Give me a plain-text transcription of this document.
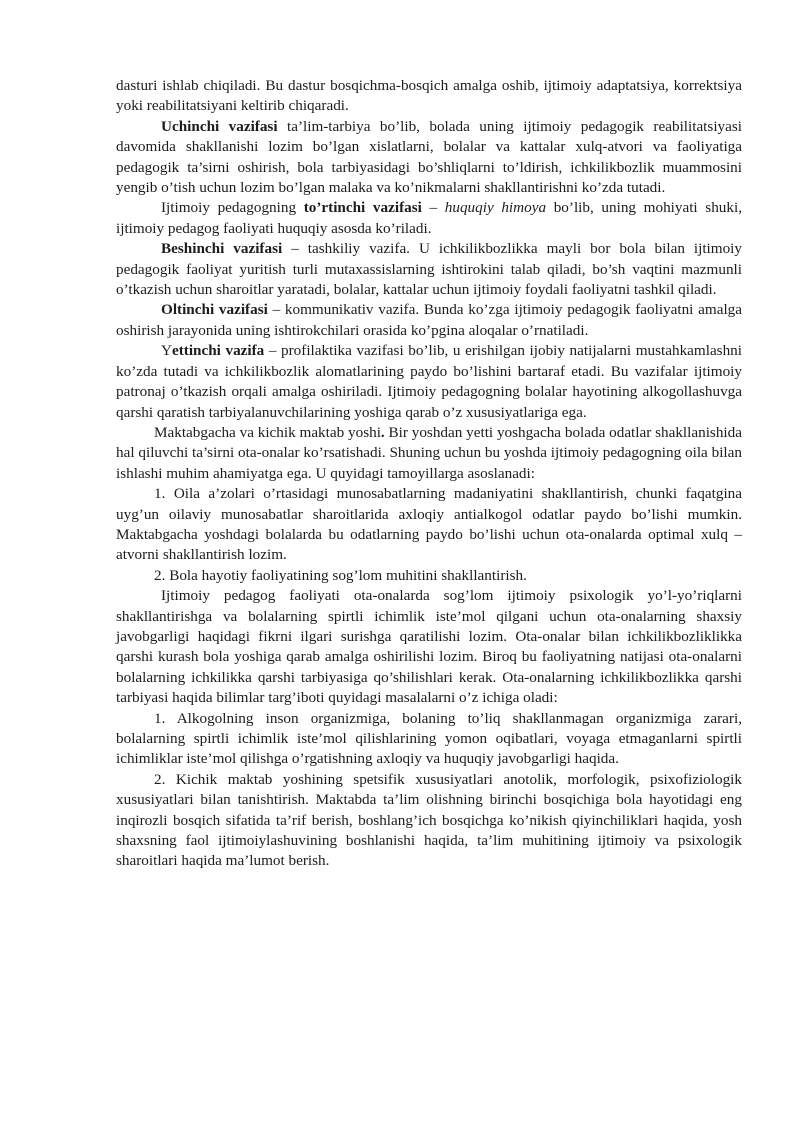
dasturi ishlab chiqiladi. Bu dastur bosqichma-bosqich amalga oshib, ijtimoiy adaptatsiya, korrektsiya yoki reabilitatsiyani keltirib chiqaradi.

Uchinchi vazifasi ta’lim-tarbiya bo’lib, bolada uning ijtimoiy pedagogik reabilitatsiyasi davomida shakllanishi lozim bo’lgan xislatlarni, bolalar va kattalar xulq-atvori va faoliyatiga pedagogik ta’sirni oshirish, bola tarbiyasidagi bo’shliqlarni to’ldirish, ichkilikbozlik muammosini yengib o’tish uchun lozim bo’lgan malaka va ko’nikmalarni shakllantirishni ko’zda tutadi.

Ijtimoiy pedagogning to’rtinchi vazifasi – huquqiy himoya bo’lib, uning mohiyati shuki, ijtimoiy pedagog faoliyati huquqiy asosda ko’riladi.

Beshinchi vazifasi – tashkiliy vazifa. U ichkilikbozlikka mayli bor bola bilan ijtimoiy pedagogik faoliyat yuritish turli mutaxassislarning ishtirokini talab qiladi, bo’sh vaqtini mazmunli o’tkazish uchun sharoitlar yaratadi, bolalar, kattalar uchun ijtimoiy foydali faoliyatni tashkil qiladi.

Oltinchi vazifasi – kommunikativ vazifa. Bunda ko’zga ijtimoiy pedagogik faoliyatni amalga oshirish jarayonida uning ishtirokchilari orasida ko’pgina aloqalar o’rnatiladi.

Yettinchi vazifa – profilaktika vazifasi bo’lib, u erishilgan ijobiy natijalarni mustahkamlashni ko’zda tutadi va ichkilikbozlik alomatlarining paydo bo’lishini bartaraf etadi. Bu vazifalar ijtimoiy patronaj o’tkazish orqali amalga oshiriladi. Ijtimoiy pedagogning bolalar hayotining alkogollashuvga qarshi qaratish tarbiyalanuvchilarining yoshiga qarab o’z xususiyatlariga ega.

Maktabgacha va kichik maktab yoshi. Bir yoshdan yetti yoshgacha bolada odatlar shakllanishida hal qiluvchi ta’sirni ota-onalar ko’rsatishadi. Shuning uchun bu yoshda ijtimoiy pedagogning oila bilan ishlashi muhim ahamiyatga ega. U quyidagi tamoyillarga asoslanadi:

1. Oila a’zolari o’rtasidagi munosabatlarning madaniyatini shakllantirish, chunki faqatgina uyg’un oilaviy munosabatlar sharoitlarida axloqiy antialkogol odatlar paydo bo’lishi mumkin. Maktabgacha yoshdagi bolalarda bu odatlarning paydo bo’lishi uchun ota-onalarda optimal xulq – atvorni shakllantirish lozim.

2. Bola hayotiy faoliyatining sog’lom muhitini shakllantirish.

Ijtimoiy pedagog faoliyati ota-onalarda sog’lom ijtimoiy psixologik yo’l-yo’riqlarni shakllantirishga va bolalarning spirtli ichimlik iste’mol qilgani uchun ota-onalarning shaxsiy javobgarligi haqidagi fikrni ilgari surishga qaratilishi lozim. Ota-onalar bilan ichkilikbozliklikka qarshi kurash bola yoshiga qarab amalga oshirilishi lozim. Biroq bu faoliyatning natijasi ota-onalarni bolalarning ichkilikka qarshi tarbiyasiga qo’shilishlari kerak. Ota-onalarning ichkilikbozlikka qarshi tarbiyasi haqida bilimlar targ’iboti quyidagi masalalarni o’z ichiga oladi:

1. Alkogolning inson organizmiga, bolaning to’liq shakllanmagan organizmiga zarari, bolalarning spirtli ichimlik iste’mol qilishlarining yomon oqibatlari, voyaga etmaganlarni spirtli ichimliklar iste’mol qilishga o’rgatishning axloqiy va huquqiy javobgarligi haqida.

2. Kichik maktab yoshining spetsifik xususiyatlari anotolik, morfologik, psixofiziologik xususiyatlari bilan tanishtirish. Maktabda ta’lim olishning birinchi bosqichiga bola hayotidagi eng inqirozli bosqich sifatida ta’rif berish, boshlang’ich bosqichga ko’nikish qiyinchiliklari haqida, yosh shaxsning faol ijtimoiylashuvining boshlanishi haqida, ta’lim muhitining ijtimoiy va psixologik sharoitlari haqida ma’lumot berish.
